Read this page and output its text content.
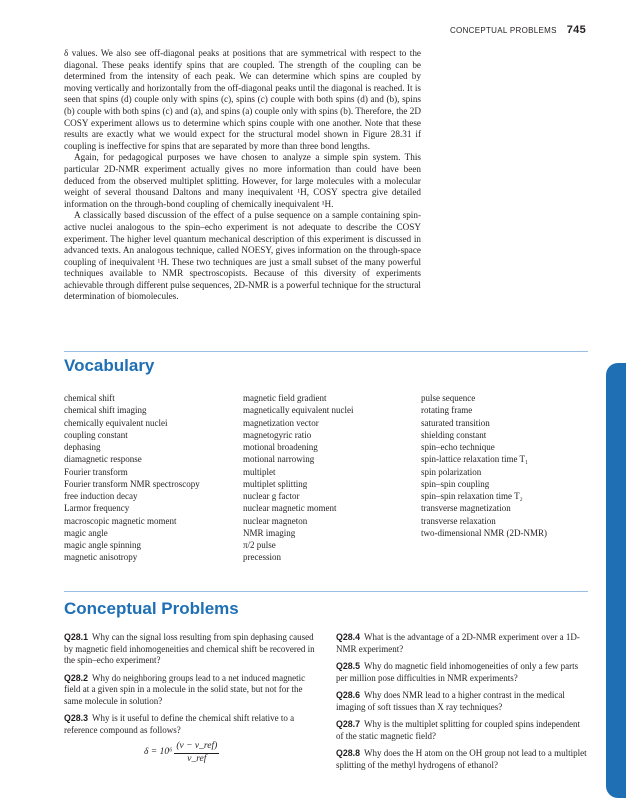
CONCEPTUAL PROBLEMS 745

δ values. We also see off-diagonal peaks at positions that are symmetrical with respect to the diagonal. These peaks identify spins that are coupled. The strength of the coupling can be determined from the intensity of each peak. We can determine which spins are coupled by moving vertically and horizontally from the off-diagonal peaks until the diagonal is reached. It is seen that spins (d) couple only with spins (c), spins (c) couple with both spins (d) and (b), spins (b) couple with both spins (c) and (a), and spins (a) couple only with spins (b). Therefore, the 2D COSY experiment allows us to determine which spins couple with one another. Note that these results are exactly what we would expect for the structural model shown in Figure 28.31 if coupling is ineffective for spins that are separated by more than three bond lengths.

Again, for pedagogical purposes we have chosen to analyze a simple spin system. This particular 2D-NMR experiment actually gives no more information than could have been deduced from the observed multiplet splitting. However, for large molecules with a molecular weight of several thousand Daltons and many inequivalent ¹H, COSY spectra give detailed information on the through-bond coupling of chemically inequivalent ¹H.

A classically based discussion of the effect of a pulse sequence on a sample containing spin-active nuclei analogous to the spin–echo experiment is not adequate to describe the COSY experiment. The higher level quantum mechanical description of this experiment is discussed in advanced texts. An analogous technique, called NOESY, gives information on the through-space coupling of inequivalent ¹H. These two techniques are just a small subset of the many powerful techniques available to NMR spectroscopists. Because of this diversity of experiments achievable through different pulse sequences, 2D-NMR is a powerful technique for the structural determination of biomolecules.

Vocabulary
chemical shift
chemical shift imaging
chemically equivalent nuclei
coupling constant
dephasing
diamagnetic response
Fourier transform
Fourier transform NMR spectroscopy
free induction decay
Larmor frequency
macroscopic magnetic moment
magic angle
magic angle spinning
magnetic anisotropy
magnetic field gradient
magnetically equivalent nuclei
magnetization vector
magnetogyric ratio
motional broadening
motional narrowing
multiplet
multiplet splitting
nuclear g factor
nuclear magnetic moment
nuclear magneton
NMR imaging
π/2 pulse
precession
pulse sequence
rotating frame
saturated transition
shielding constant
spin–echo technique
spin-lattice relaxation time T₁
spin polarization
spin–spin coupling
spin–spin relaxation time T₂
transverse magnetization
transverse relaxation
two-dimensional NMR (2D-NMR)
Conceptual Problems
Q28.1 Why can the signal loss resulting from spin dephasing caused by magnetic field inhomogeneities and chemical shift be recovered in the spin–echo experiment?
Q28.2 Why do neighboring groups lead to a net induced magnetic field at a given spin in a molecule in the solid state, but not for the same molecule in solution?
Q28.3 Why is it useful to define the chemical shift relative to a reference compound as follows?
$\delta = 10^6 \frac{\text{(ν − ν\_ref)}}{\text{ν\_ref}}$
Q28.4 What is the advantage of a 2D-NMR experiment over a 1D-NMR experiment?
Q28.5 Why do magnetic field inhomogeneities of only a few parts per million pose difficulties in NMR experiments?
Q28.6 Why does NMR lead to a higher contrast in the medical imaging of soft tissues than X ray techniques?
Q28.7 Why is the multiplet splitting for coupled spins independent of the static magnetic field?
Q28.8 Why does the H atom on the OH group not lead to a multiplet splitting of the methyl hydrogens of ethanol?
